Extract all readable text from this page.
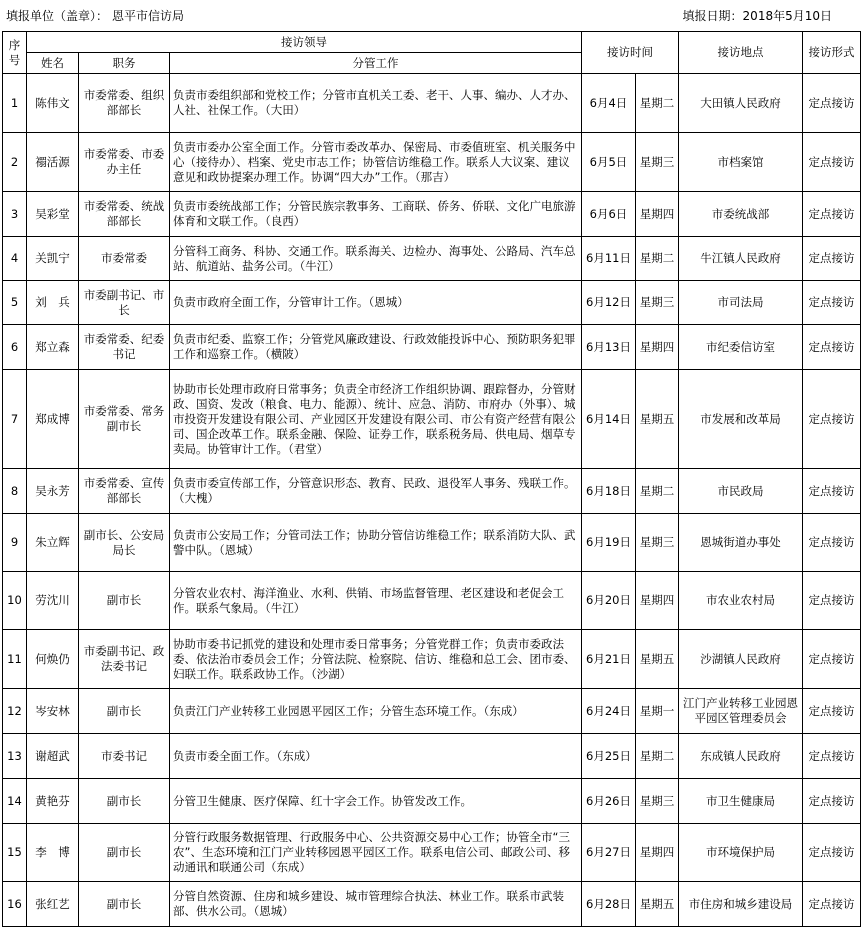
填报单位（盖章）： 恩平市信访局	填报日期：2018年5月10日
序号	接访领导			接访时间		接访地点	接访形式
	姓名	职务	分管工作				
1	陈伟文	市委常委、组织部部长	负责市委组织部和党校工作；分管市直机关工委、老干、人事、编办、人才办、人社、社保工作。（大田）	6月4日	星期二	大田镇人民政府	定点接访
2	禤活源	市委常委、市委办主任	负责市委办公室全面工作。分管市委改革办、保密局、市委值班室、机关服务中心（接待办）、档案、党史市志工作；协管信访维稳工作。联系人大议案、建议意见和政协提案办理工作。协调“四大办”工作。（那吉）	6月5日	星期三	市档案馆	定点接访
3	吴彩堂	市委常委、统战部部长	负责市委统战部工作；分管民族宗教事务、工商联、侨务、侨联、文化广电旅游体育和文联工作。（良西）	6月6日	星期四	市委统战部	定点接访
4	关凯宁	市委常委	分管科工商务、科协、交通工作。联系海关、边检办、海事处、公路局、汽车总站、航道站、盐务公司。（牛江）	6月11日	星期二	牛江镇人民政府	定点接访
5	刘　兵	市委副书记、市长	负责市政府全面工作，分管审计工作。（恩城）	6月12日	星期三	市司法局	定点接访
6	郑立森	市委常委、纪委书记	负责市纪委、监察工作；分管党风廉政建设、行政效能投诉中心、预防职务犯罪工作和巡察工作。（横陂）	6月13日	星期四	市纪委信访室	定点接访
7	郑成博	市委常委、常务副市长	协助市长处理市政府日常事务；负责全市经济工作组织协调、跟踪督办，分管财政、国资、发改（粮食、电力、能源）、统计、应急、消防、市府办（外事）、城市投资开发建设有限公司、产业园区开发建设有限公司、市公有资产经营有限公司、国企改革工作。联系金融、保险、证券工作，联系税务局、供电局、烟草专卖局。协管审计工作。（君堂）	6月14日	星期五	市发展和改革局	定点接访
8	吴永芳	市委常委、宣传部部长	负责市委宣传部工作，分管意识形态、教育、民政、退役军人事务、残联工作。（大槐）	6月18日	星期二	市民政局	定点接访
9	朱立辉	副市长、公安局局长	负责市公安局工作；分管司法工作；协助分管信访维稳工作；联系消防大队、武警中队。（恩城）	6月19日	星期三	恩城街道办事处	定点接访
10	劳沈川	副市长	分管农业农村、海洋渔业、水利、供销、市场监督管理、老区建设和老促会工作。联系气象局。（牛江）	6月20日	星期四	市农业农村局	定点接访
11	何焕仍	市委副书记、政法委书记	协助市委书记抓党的建设和处理市委日常事务；分管党群工作；负责市委政法委、依法治市委员会工作；分管法院、检察院、信访、维稳和总工会、团市委、妇联工作。联系政协工作。（沙湖）	6月21日	星期五	沙湖镇人民政府	定点接访
12	岑安林	副市长	负责江门产业转移工业园恩平园区工作；分管生态环境工作。（东成）	6月24日	星期一	江门产业转移工业园恩平园区管理委员会	定点接访
13	谢超武	市委书记	负责市委全面工作。（东成）	6月25日	星期二	东成镇人民政府	定点接访
14	黄艳芬	副市长	分管卫生健康、医疗保障、红十字会工作。协管发改工作。	6月26日	星期三	市卫生健康局	定点接访
15	李　博	副市长	分管行政服务数据管理、行政服务中心、公共资源交易中心工作；协管全市“三农”、生态环境和江门产业转移园恩平园区工作。联系电信公司、邮政公司、移动通讯和联通公司（东成）	6月27日	星期四	市环境保护局	定点接访
16	张红艺	副市长	分管自然资源、住房和城乡建设、城市管理综合执法、林业工作。联系市武装部、供水公司。（恩城）	6月28日	星期五	市住房和城乡建设局	定点接访
